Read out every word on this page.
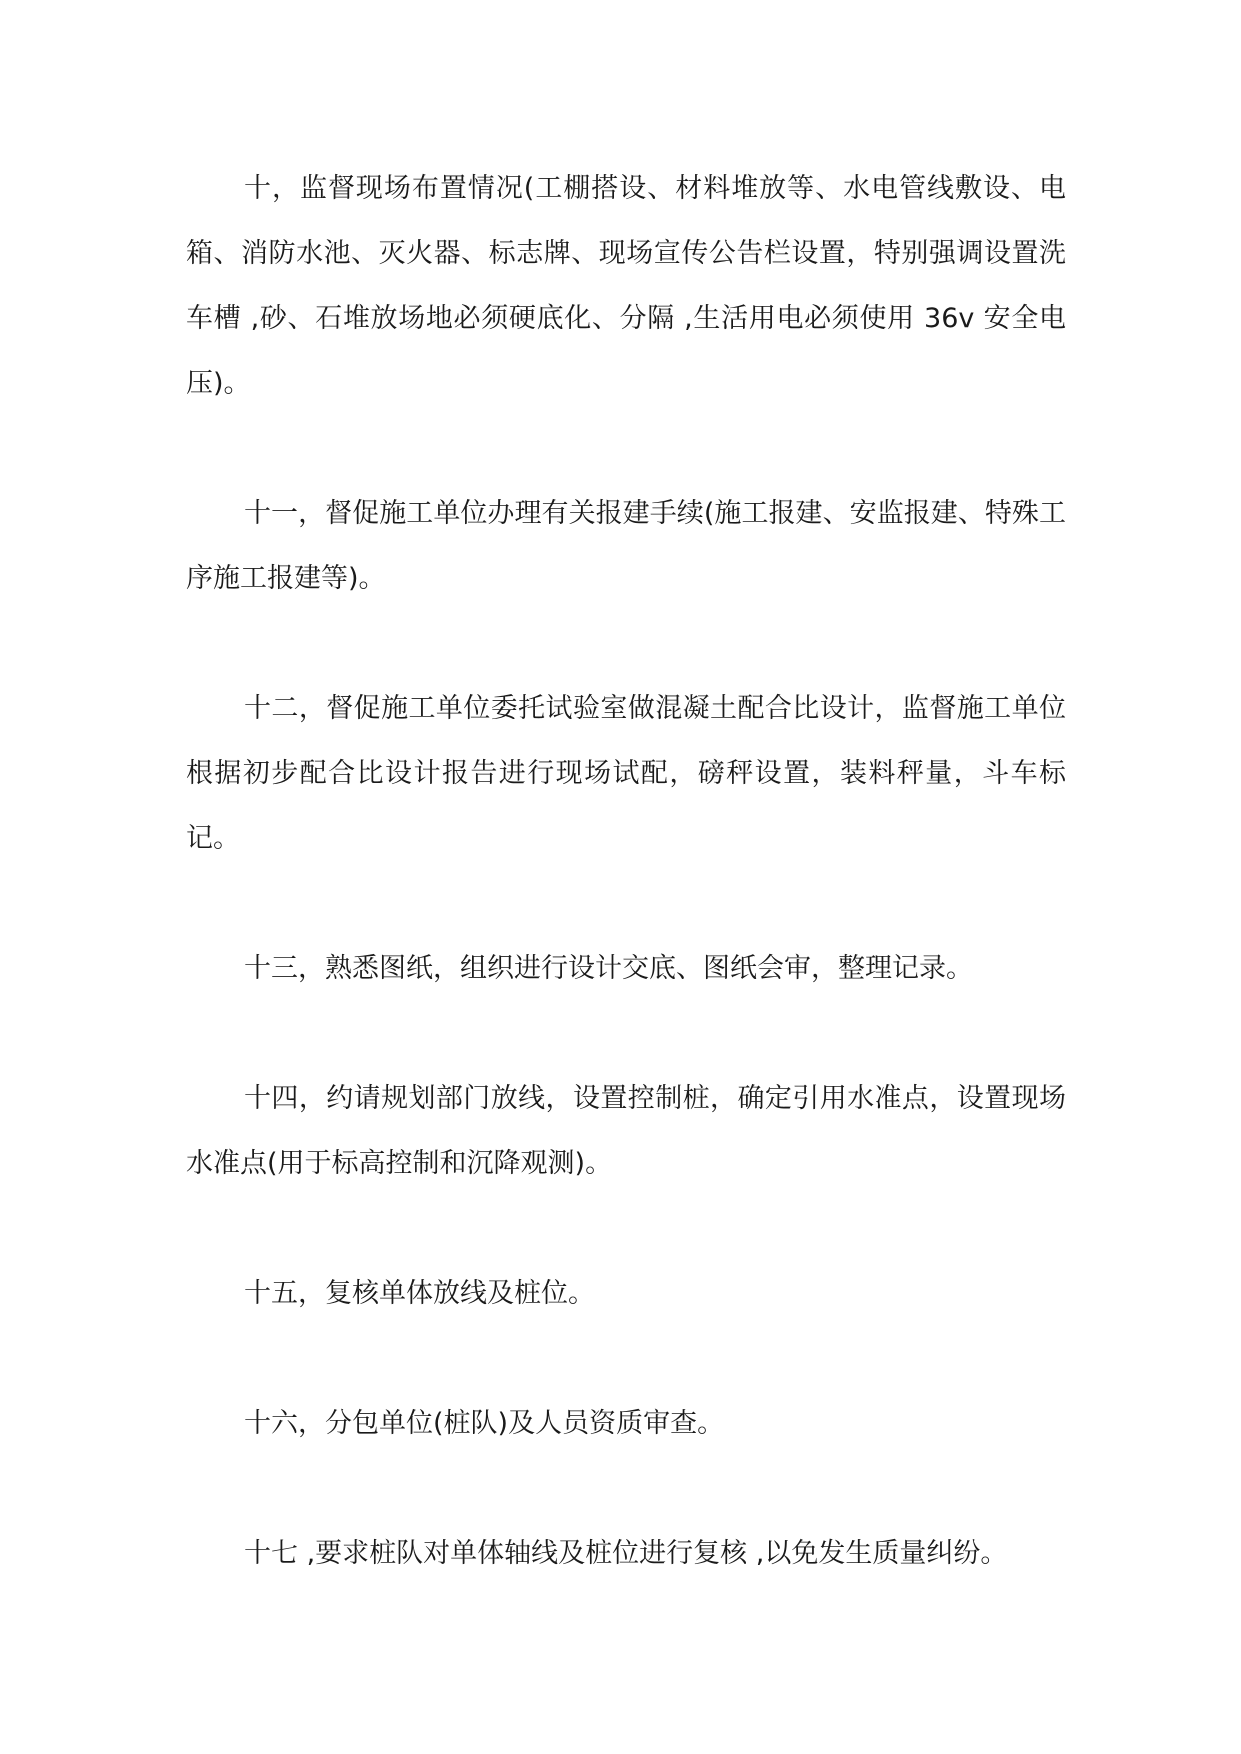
十，监督现场布置情况(工棚搭设、材料堆放等、水电管线敷设、电箱、消防水池、灭火器、标志牌、现场宣传公告栏设置，特别强调设置洗车槽 ,砂、石堆放场地必须硬底化、分隔 ,生活用电必须使用 36v 安全电压)。

十一，督促施工单位办理有关报建手续(施工报建、安监报建、特殊工序施工报建等)。

十二，督促施工单位委托试验室做混凝土配合比设计，监督施工单位根据初步配合比设计报告进行现场试配，磅秤设置，装料秤量，斗车标记。

十三，熟悉图纸，组织进行设计交底、图纸会审，整理记录。

十四，约请规划部门放线，设置控制桩，确定引用水准点，设置现场水准点(用于标高控制和沉降观测)。

十五，复核单体放线及桩位。

十六，分包单位(桩队)及人员资质审查。

十七 ,要求桩队对单体轴线及桩位进行复核 ,以免发生质量纠纷。
